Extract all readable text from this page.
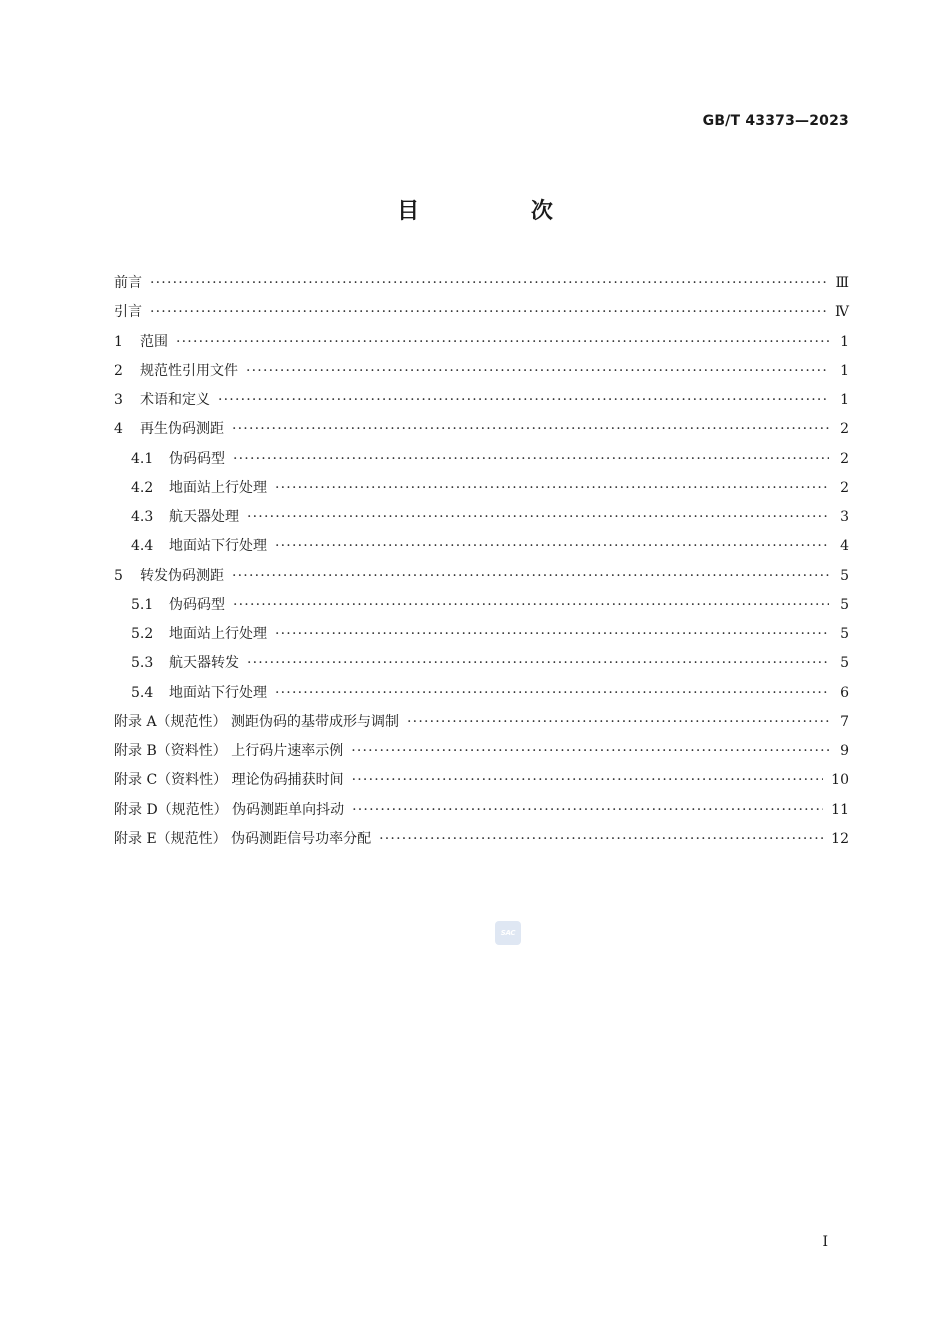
GB/T 43373—2023
目 次
前言 ·····	Ⅲ
引言 ·····	Ⅳ
1 范围 ·····	1
2 规范性引用文件 ·····	1
3 术语和定义 ·····	1
4 再生伪码测距 ·····	2
4.1 伪码码型 ·····	2
4.2 地面站上行处理 ·····	2
4.3 航天器处理 ·····	3
4.4 地面站下行处理 ·····	4
5 转发伪码测距 ·····	5
5.1 伪码码型 ·····	5
5.2 地面站上行处理 ·····	5
5.3 航天器转发 ·····	5
5.4 地面站下行处理 ·····	6
附录 A（规范性） 测距伪码的基带成形与调制 ·····	7
附录 B（资料性） 上行码片速率示例 ·····	9
附录 C（资料性） 理论伪码捕获时间 ·····	10
附录 D（规范性） 伪码测距单向抖动 ·····	11
附录 E（规范性） 伪码测距信号功率分配 ·····	12
SAC
I
